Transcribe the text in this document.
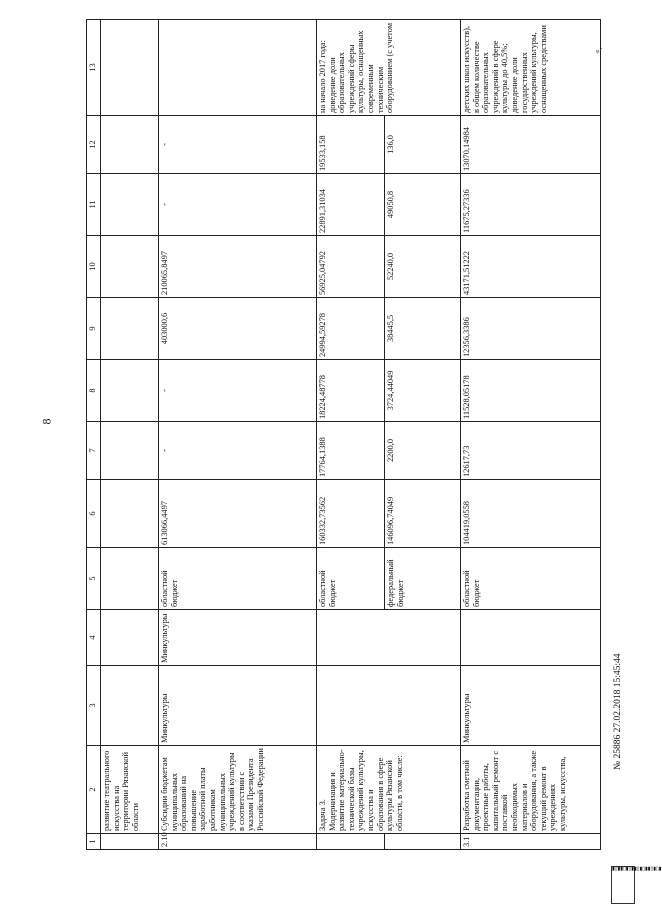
ᵩ·
8
1	2	3	4	5	6	7	8	9	10	11	12	13
	развитие театрального искусства на территории Рязанской области											
2.10	Субсидии бюджетам муниципальных образований на повышение заработной платы работникам муниципальных учреждений культуры в соответствии с указами Президента Российской Федерации	Минкультуры	Минкультуры	областной бюджет	613066,4497	-	-	403000,6	210065,8497	-	-	
	Задача 3. Модернизация и развитие материально-технической базы учреждений культуры, искусства и образования в сфере культуры Рязанской области, в том числе:			областной бюджет	160332,73562	17764,1388	18224,48778	24994,59278	56925,04792	22891,31034	19533,158	на начало 2017 года: доведение доли образовательных учреждений сферы культуры, оснащенных современным техническим оборудованием (с учетом
				федеральный бюджет	146096,74049	2200,0	3724,44049	38445,5	52240,0	49050,8	136,0	
3.1	Разработка сметной документации, проектные работы, капитальный ремонт с поставкой необходимых материалов и оборудования, а также текущий ремонт в учреждениях культуры, искусства,	Минкультуры		областной бюджет	104419,0558	12617,73	11528,05178	12356,3386	43171,51222	11675,27336	13070,14984	детских школ искусств), в общем количестве образовательных учреждений в сфере культуры до 40,5%; доведение доли государственных учреждений культуры, оснащенных средствами
№ 25886 27.02.2018 15:45:44
▮▯▮▮▯▮▯▮▮▯▮▯▮▮▯▮▯▮
